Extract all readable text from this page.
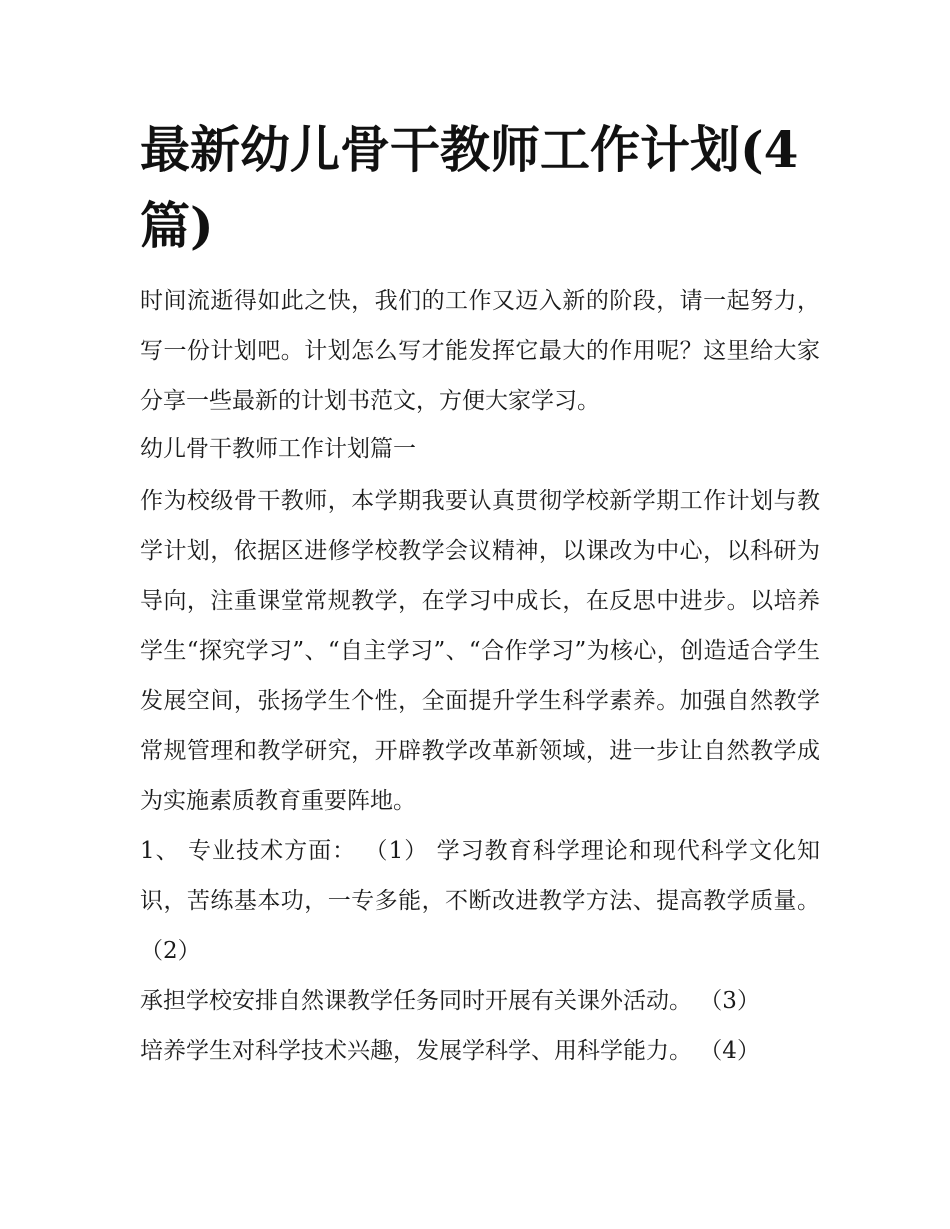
最新幼儿骨干教师工作计划(4篇)

时间流逝得如此之快，我们的工作又迈入新的阶段，请一起努力，写一份计划吧。计划怎么写才能发挥它最大的作用呢？这里给大家分享一些最新的计划书范文，方便大家学习。

幼儿骨干教师工作计划篇一

作为校级骨干教师，本学期我要认真贯彻学校新学期工作计划与教学计划，依据区进修学校教学会议精神，以课改为中心，以科研为导向，注重课堂常规教学，在学习中成长，在反思中进步。以培养学生“探究学习”、“自主学习”、“合作学习”为核心，创造适合学生发展空间，张扬学生个性，全面提升学生科学素养。加强自然教学常规管理和教学研究，开辟教学改革新领域，进一步让自然教学成为实施素质教育重要阵地。

1、 专业技术方面： （1） 学习教育科学理论和现代科学文化知识，苦练基本功，一专多能，不断改进教学方法、提高教学质量。 （2）

承担学校安排自然课教学任务同时开展有关课外活动。 （3）

培养学生对科学技术兴趣，发展学科学、用科学能力。 （4）
